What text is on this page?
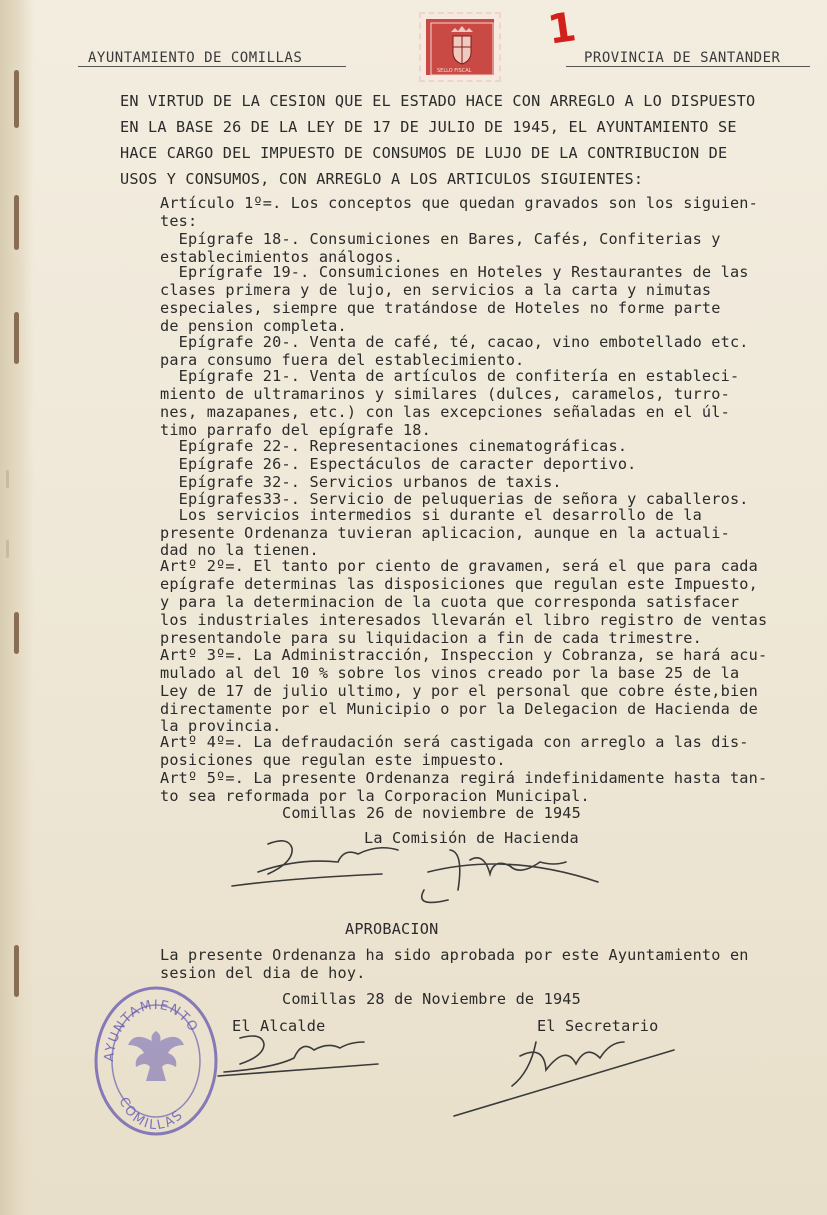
AYUNTAMIENTO DE COMILLAS	PROVINCIA DE SANTANDER
SELLO FISCAL
1
EN VIRTUD DE LA CESION QUE EL ESTADO HACE CON ARREGLO A LO DISPUESTO
EN LA BASE 26 DE LA LEY DE 17 DE JULIO DE 1945, EL AYUNTAMIENTO SE
HACE CARGO DEL IMPUESTO DE CONSUMOS DE LUJO DE LA CONTRIBUCION DE
USOS Y CONSUMOS, CON ARREGLO A LOS ARTICULOS SIGUIENTES:
Artículo 1º=. Los conceptos que quedan gravados son los siguien-
tes:
Epígrafe 18-. Consumiciones en Bares, Cafés, Confiterias y
establecimientos análogos.
Eprígrafe 19-. Consumiciones en Hoteles y Restaurantes de las
clases primera y de lujo, en servicios a la carta y nimutas
especiales, siempre que tratándose de Hoteles no forme parte
de pension completa.
Epígrafe 20-. Venta de café, té, cacao, vino embotellado etc.
para consumo fuera del establecimiento.
Epígrafe 21-. Venta de artículos de confitería en estableci-
miento de ultramarinos y similares (dulces, caramelos, turro-
nes, mazapanes, etc.) con las excepciones señaladas en el úl-
timo parrafo del epígrafe 18.
Epígrafe 22-. Representaciones cinematográficas.
Epígrafe 26-. Espectáculos de caracter deportivo.
Epígrafe 32-. Servicios urbanos de taxis.
Epígrafes33-. Servicio de peluquerias de señora y caballeros.
Los servicios intermedios si durante el desarrollo de la
presente Ordenanza tuvieran aplicacion, aunque en la actuali-
dad no la tienen.
Artº 2º=. El tanto por ciento de gravamen, será el que para cada
epígrafe determinas las disposiciones que regulan este Impuesto,
y para la determinacion de la cuota que corresponda satisfacer
los industriales interesados llevarán el libro registro de ventas
presentandole para su liquidacion a fin de cada trimestre.
Artº 3º=. La Administracción, Inspeccion y Cobranza, se hará acu-
mulado al del 10 % sobre los vinos creado por la base 25 de la
Ley de 17 de julio ultimo, y por el personal que cobre éste,bien
directamente por el Municipio o por la Delegacion de Hacienda de
la provincia.
Artº 4º=. La defraudación será castigada con arreglo a las dis-
posiciones que regulan este impuesto.
Artº 5º=. La presente Ordenanza regirá indefinidamente hasta tan-
to sea reformada por la Corporacion Municipal.
Comillas 26 de noviembre de 1945
La Comisión de Hacienda
APROBACION
La presente Ordenanza ha sido aprobada por este Ayuntamiento en
sesion del dia de hoy.
Comillas 28 de Noviembre de 1945
El Alcalde	El Secretario
AYUNTAMIENTO
COMILLAS
